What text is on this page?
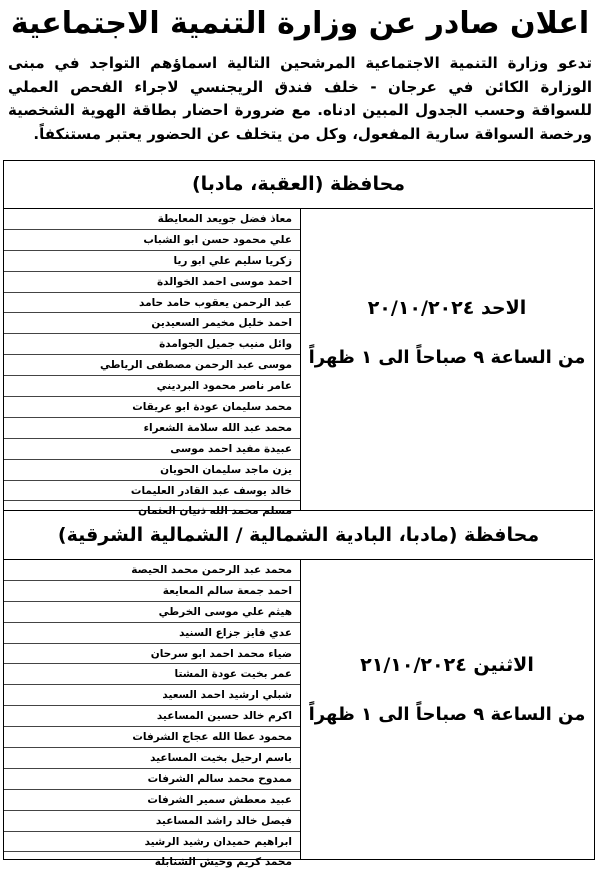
اعلان صادر عن وزارة التنمية الاجتماعية

تدعو وزارة التنمية الاجتماعية المرشحين التالية اسماؤهم التواجد في مبنى الوزارة الكائن في عرجان - خلف فندق الريجنسي لاجراء الفحص العملي للسواقة وحسب الجدول المبين ادناه. مع ضرورة احضار بطاقة الهوية الشخصية ورخصة السواقة سارية المفعول، وكل من يتخلف عن الحضور يعتبر مستنكفاً.

محافظة (العقبة، مادبا)
معاذ فضل جويعد المعايطة
علي محمود حسن ابو الشباب
زكريا سليم علي ابو ريا
احمد موسى احمد الخوالدة
عبد الرحمن يعقوب حامد حامد
احمد خليل مخيمر السعيدين
وائل منيب جميل الجوامدة
موسى عبد الرحمن مصطفى الرياطي
عامر ناصر محمود البرديني
محمد سليمان عودة ابو عريقات
محمد عبد الله سلامة الشعراء
عبيدة مفيد احمد موسى
يزن ماجد سليمان الحويان
خالد يوسف عبد القادر العليمات
مسلم محمد الله ذنيان العثمان

الاحد ٢٠/١٠/٢٠٢٤

من الساعة ٩ صباحاً الى ١ ظهراً

محافظة (مادبا، البادية الشمالية / الشمالية الشرقية)
محمد عبد الرحمن محمد الحيصة
احمد جمعة سالم المعايعة
هيثم علي موسى الخرطي
عدي فايز جزاع السنيد
ضياء محمد احمد ابو سرحان
عمر بخيت عودة المشتا
شبلي ارشيد احمد السعيد
اكرم خالد حسين المساعيد
محمود عطا الله عجاج الشرفات
باسم ارحيل بخيت المساعيد
ممدوح محمد سالم الشرفات
عبيد معطش سمير الشرفات
فيصل خالد راشد المساعيد
ابراهيم حميدان رشيد الرشيد
محمد كريم وحيش الشنابلة

الاثنين ٢١/١٠/٢٠٢٤

من الساعة ٩ صباحاً الى ١ ظهراً
